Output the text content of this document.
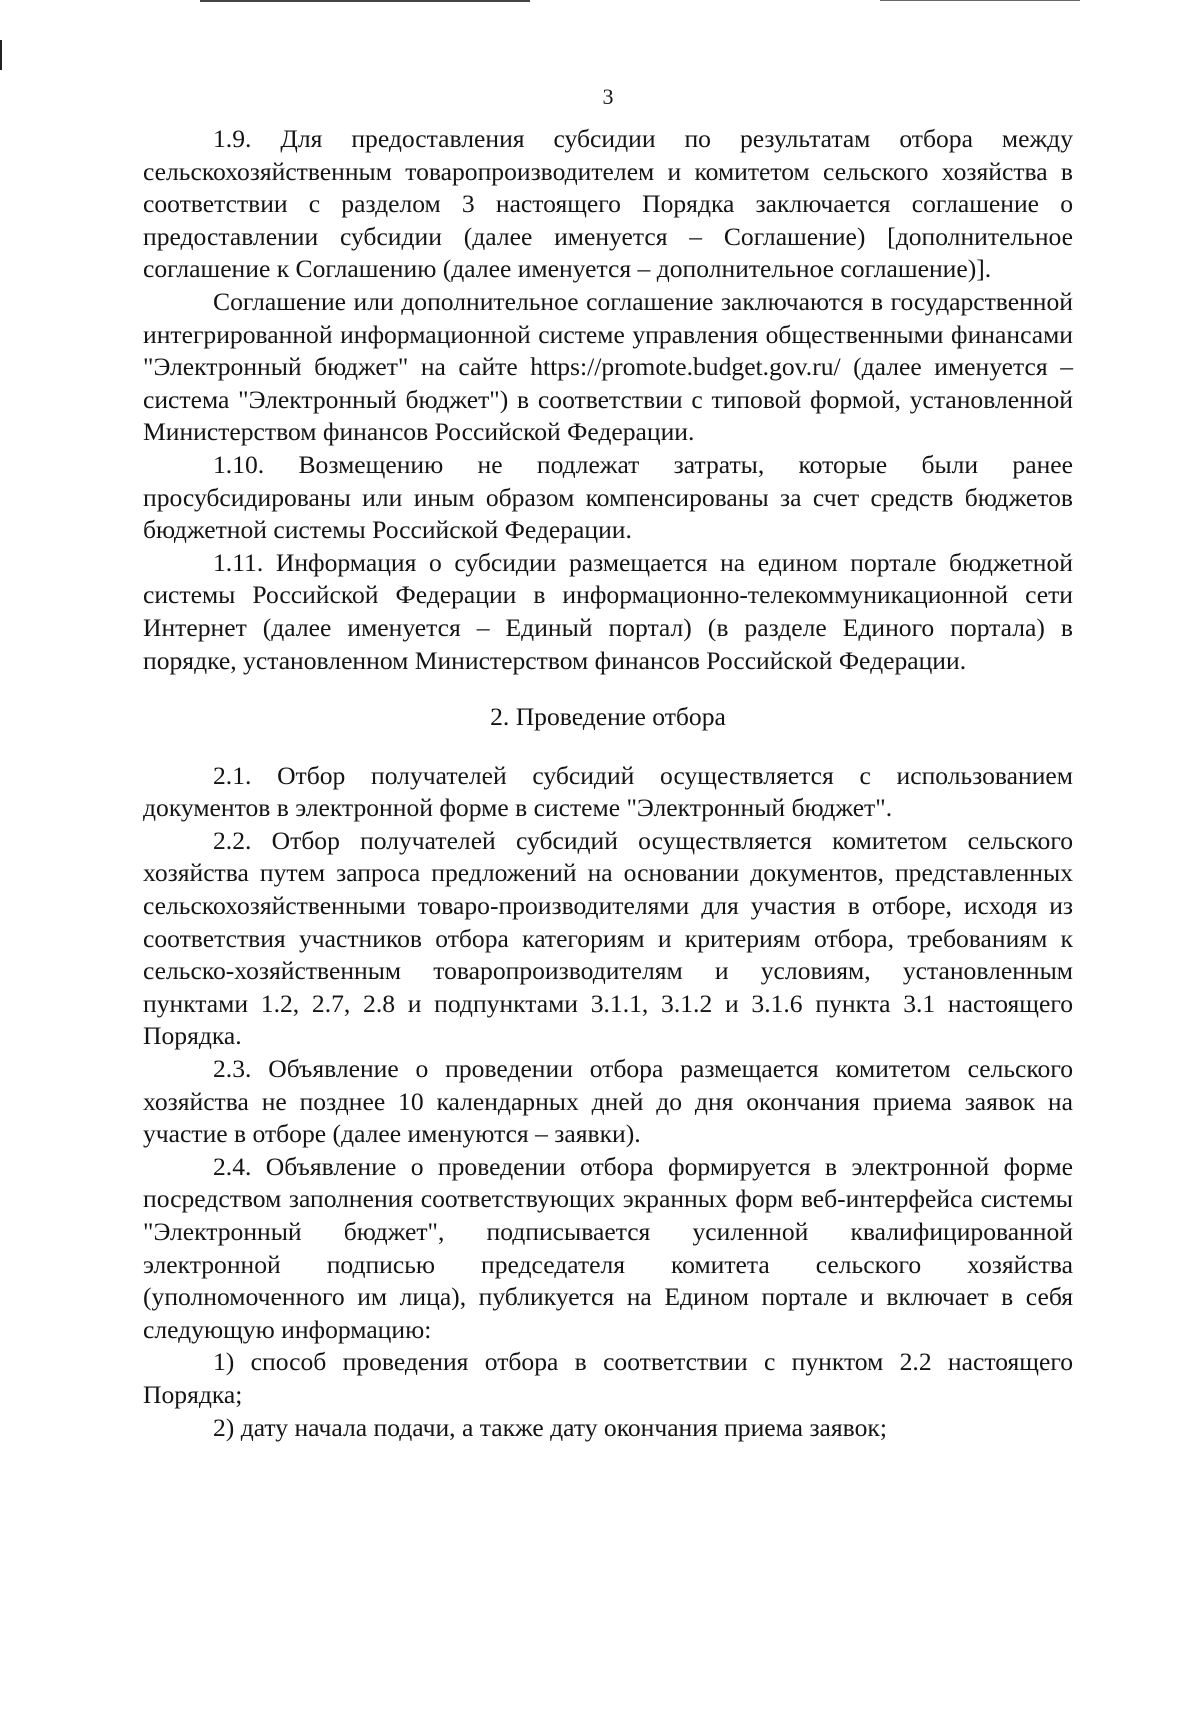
3

1.9. Для предоставления субсидии по результатам отбора между сельскохозяйственным товаропроизводителем и комитетом сельского хозяйства в соответствии с разделом 3 настоящего Порядка заключается соглашение о предоставлении субсидии (далее именуется – Соглашение) [дополнительное соглашение к Соглашению (далее именуется – дополнительное соглашение)].

Соглашение или дополнительное соглашение заключаются в государственной интегрированной информационной системе управления общественными финансами "Электронный бюджет" на сайте https://promote.budget.gov.ru/ (далее именуется – система "Электронный бюджет") в соответствии с типовой формой, установленной Министерством финансов Российской Федерации.

1.10. Возмещению не подлежат затраты, которые были ранее просубсидированы или иным образом компенсированы за счет средств бюджетов бюджетной системы Российской Федерации.

1.11. Информация о субсидии размещается на едином портале бюджетной системы Российской Федерации в информационно-телекоммуникационной сети Интернет (далее именуется – Единый портал) (в разделе Единого портала) в порядке, установленном Министерством финансов Российской Федерации.

2. Проведение отбора

2.1. Отбор получателей субсидий осуществляется с использованием документов в электронной форме в системе "Электронный бюджет".

2.2. Отбор получателей субсидий осуществляется комитетом сельского хозяйства путем запроса предложений на основании документов, представленных сельскохозяйственными товаро-производителями для участия в отборе, исходя из соответствия участников отбора категориям и критериям отбора, требованиям к сельско-хозяйственным товаропроизводителям и условиям, установленным пунктами 1.2, 2.7, 2.8 и подпунктами 3.1.1, 3.1.2 и 3.1.6 пункта 3.1 настоящего Порядка.

2.3. Объявление о проведении отбора размещается комитетом сельского хозяйства не позднее 10 календарных дней до дня окончания приема заявок на участие в отборе (далее именуются – заявки).

2.4. Объявление о проведении отбора формируется в электронной форме посредством заполнения соответствующих экранных форм веб-интерфейса системы "Электронный бюджет", подписывается усиленной квалифицированной электронной подписью председателя комитета сельского хозяйства (уполномоченного им лица), публикуется на Едином портале и включает в себя следующую информацию:

1) способ проведения отбора в соответствии с пунктом 2.2 настоящего Порядка;

2) дату начала подачи, а также дату окончания приема заявок;
